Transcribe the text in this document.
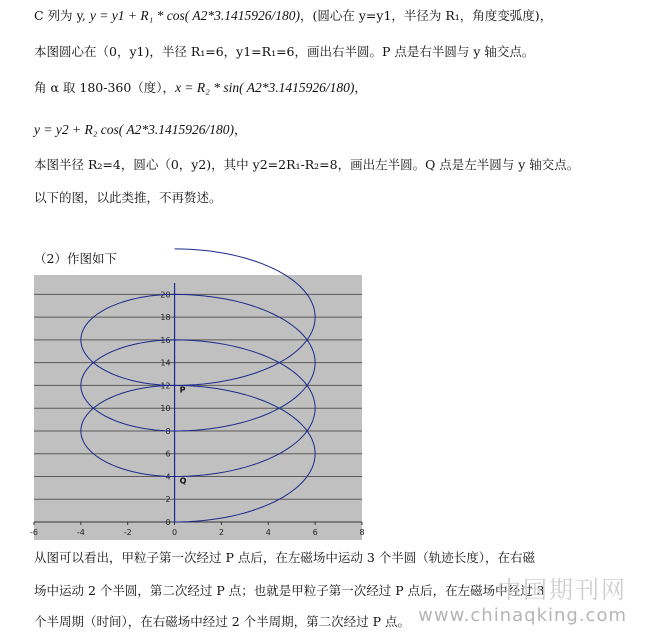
C 列为 y, y = y1 + R₁ * cos( A2*3.1415926/180)，(圆心在 y=y1，半径为 R₁，角度变弧度)，
本图圆心在（0，y1)，半径 R₁=6，y1=R₁=6，画出右半圆。P 点是右半圆与 y 轴交点。
角 α 取 180-360（度），x = R₂ * sin( A2*3.1415926/180)，
y = y2 + R₂ cos( A2*3.1415926/180)，
本图半径 R₂=4，圆心（0，y2)，其中 y2=2R₁-R₂=8，画出左半圆。Q 点是左半圆与 y 轴交点。
以下的图，以此类推，不再赘述。
（2）作图如下
0
2
4
6
8
10
12
14
16
18
20
-6	-4	-2	0	2	4	6	8
P
Q
从图可以看出，甲粒子第一次经过 P 点后，在左磁场中运动 3 个半圆（轨迹长度），在右磁
场中运动 2 个半圆，第二次经过 P 点；也就是甲粒子第一次经过 P 点后，在左磁场中经过 3
个半周期（时间），在右磁场中经过 2 个半周期，第二次经过 P 点。
中国期刊网
www.chinaqking.com
